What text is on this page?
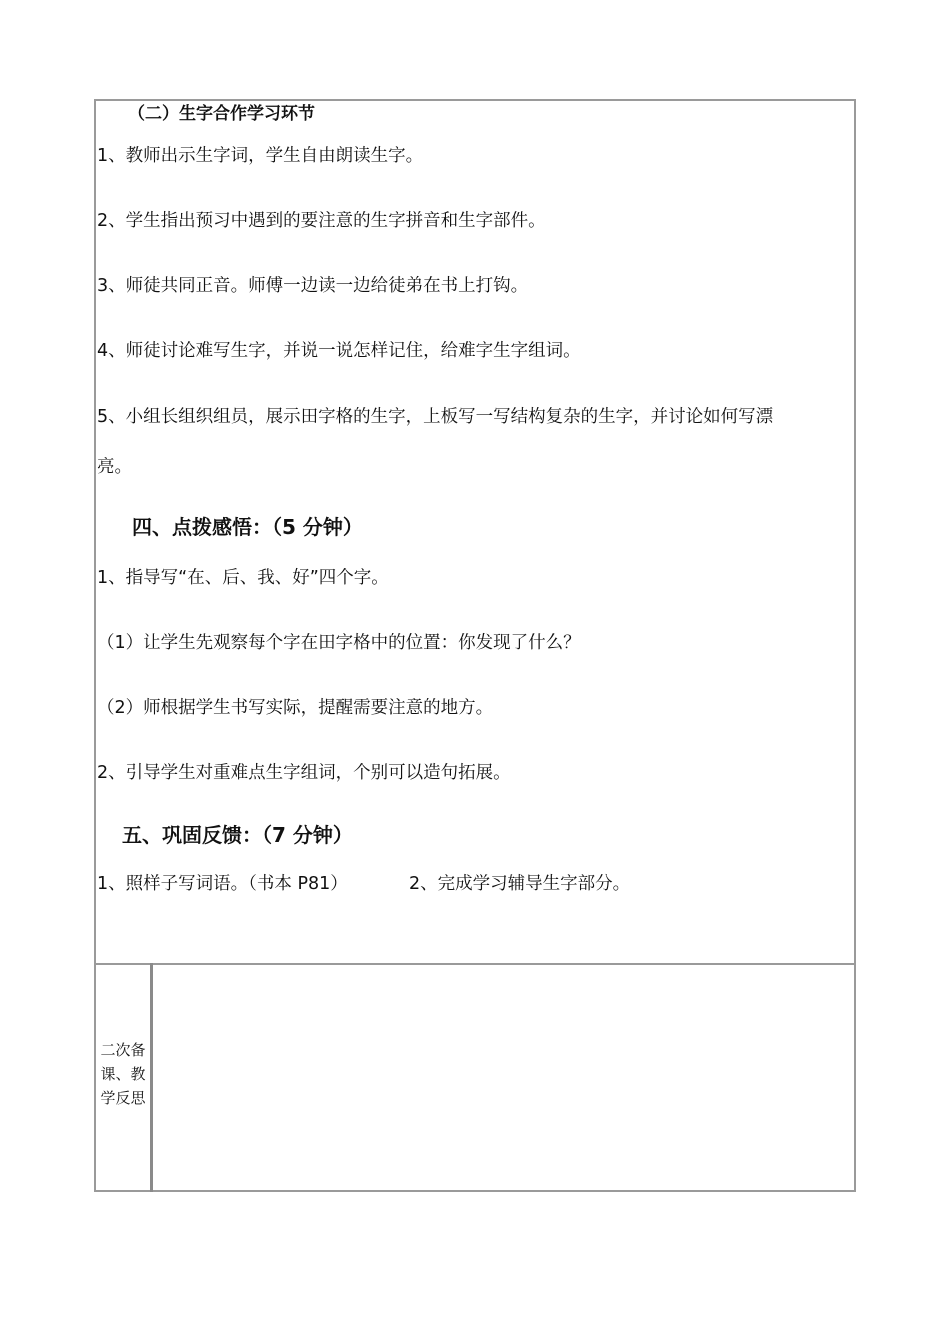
（二）生字合作学习环节
1、教师出示生字词，学生自由朗读生字。
2、学生指出预习中遇到的要注意的生字拼音和生字部件。
3、师徒共同正音。师傅一边读一边给徒弟在书上打钩。
4、师徒讨论难写生字，并说一说怎样记住，给难字生字组词。
5、小组长组织组员，展示田字格的生字，上板写一写结构复杂的生字，并讨论如何写漂
亮。
四、点拨感悟：（5 分钟）
1、指导写“在、后、我、好”四个字。
（1）让学生先观察每个字在田字格中的位置：你发现了什么？
（2）师根据学生书写实际，提醒需要注意的地方。
2、引导学生对重难点生字组词，个别可以造句拓展。
五、巩固反馈：（7 分钟）
1、照样子写词语。（书本 P81）	2、完成学习辅导生字部分。
二次备
课、教
学反思
